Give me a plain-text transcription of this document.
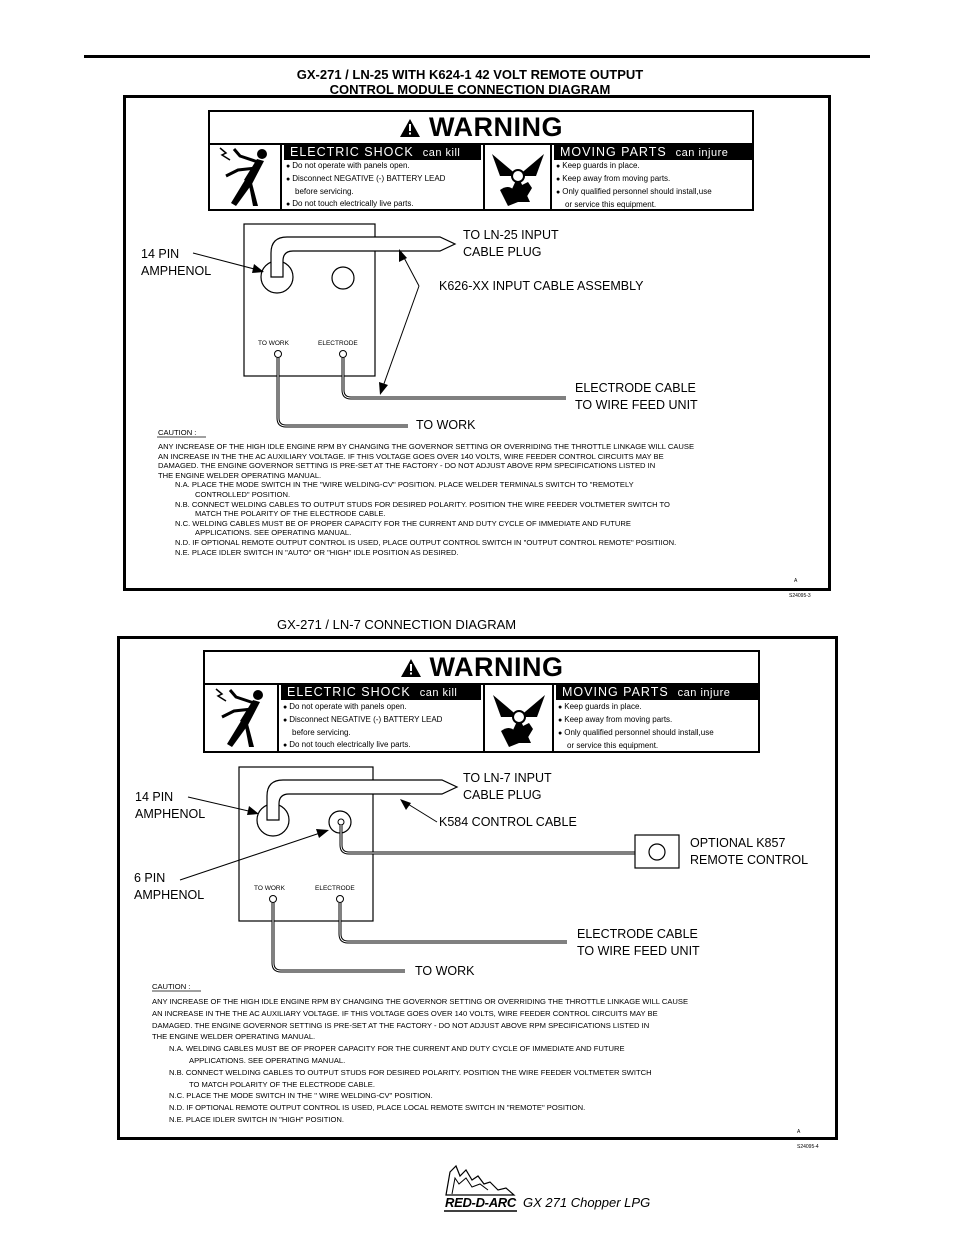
GX-271 / LN-25 WITH K624-1 42 VOLT REMOTE OUTPUT
CONTROL MODULE CONNECTION DIAGRAM
WARNING
ELECTRIC SHOCK can kill
● Do not operate with panels open.
● Disconnect NEGATIVE (-) BATTERY LEAD
before servicing.
● Do not touch electrically live parts.
MOVING PARTS can injure
● Keep guards in place.
● Keep away from moving parts.
● Only qualified personnel should install,use
or service this equipment.
A
S24095-3
TO WORK	ELECTRODE
14 PIN
AMPHENOL
TO LN-25 INPUT
CABLE PLUG
K626-XX INPUT CABLE ASSEMBLY
ELECTRODE CABLE
TO WIRE FEED UNIT
TO WORK
CAUTION :
ANY INCREASE OF THE HIGH IDLE ENGINE RPM BY CHANGING THE GOVERNOR SETTING OR OVERRIDING THE THROTTLE LINKAGE WILL CAUSE
AN INCREASE IN THE THE AC AUXILIARY VOLTAGE. IF THIS VOLTAGE GOES OVER 140 VOLTS, WIRE FEEDER CONTROL CIRCUITS MAY BE
DAMAGED. THE ENGINE GOVERNOR SETTING IS PRE-SET AT THE FACTORY - DO NOT ADJUST ABOVE RPM SPECIFICATIONS LISTED IN
THE ENGINE WELDER OPERATING MANUAL.
N.A. PLACE THE MODE SWITCH IN THE "WIRE WELDING-CV" POSITION. PLACE WELDER TERMINALS SWITCH TO "REMOTELY
CONTROLLED" POSITION.
N.B. CONNECT WELDING CABLES TO OUTPUT STUDS FOR DESIRED POLARITY. POSITION THE WIRE FEEDER VOLTMETER SWITCH TO
MATCH THE POLARITY OF THE ELECTRODE CABLE.
N.C. WELDING CABLES MUST BE OF PROPER CAPACITY FOR THE CURRENT AND DUTY CYCLE OF IMMEDIATE AND FUTURE
APPLICATIONS. SEE OPERATING MANUAL.
N.D. IF OPTIONAL REMOTE OUTPUT CONTROL IS USED, PLACE OUTPUT CONTROL SWITCH IN "OUTPUT CONTROL REMOTE" POSITIION.
N.E. PLACE IDLER SWITCH IN "AUTO" OR "HIGH" IDLE POSITION AS DESIRED.
GX-271 / LN-7 CONNECTION DIAGRAM
WARNING
ELECTRIC SHOCK can kill
● Do not operate with panels open.
● Disconnect NEGATIVE (-) BATTERY LEAD
before servicing.
● Do not touch electrically live parts.
MOVING PARTS can injure
● Keep guards in place.
● Keep away from moving parts.
● Only qualified personnel should install,use
or service this equipment.
A
S24095-4
TO WORK	ELECTRODE
14 PIN
AMPHENOL
6 PIN
AMPHENOL
TO LN-7 INPUT
CABLE PLUG
K584 CONTROL CABLE
OPTIONAL K857
REMOTE CONTROL
ELECTRODE CABLE
TO WIRE FEED UNIT
TO WORK
CAUTION :
ANY INCREASE OF THE HIGH IDLE ENGINE RPM BY CHANGING THE GOVERNOR SETTING OR OVERRIDING THE THROTTLE LINKAGE WILL CAUSE
AN INCREASE IN THE THE AC AUXILIARY VOLTAGE. IF THIS VOLTAGE GOES OVER 140 VOLTS, WIRE FEEDER CONTROL CIRCUITS MAY BE
DAMAGED. THE ENGINE GOVERNOR SETTING IS PRE-SET AT THE FACTORY - DO NOT ADJUST ABOVE RPM SPECIFICATIONS LISTED IN
THE ENGINE WELDER OPERATING MANUAL.
N.A. WELDING CABLES MUST BE OF PROPER CAPACITY FOR THE CURRENT AND DUTY CYCLE OF IMMEDIATE AND FUTURE
APPLICATIONS. SEE OPERATING MANUAL.
N.B. CONNECT WELDING CABLES TO OUTPUT STUDS FOR DESIRED POLARITY. POSITION THE WIRE FEEDER VOLTMETER SWITCH
TO MATCH POLARITY OF THE ELECTRODE CABLE.
N.C. PLACE THE MODE SWITCH IN THE " WIRE WELDING-CV" POSITION.
N.D. IF OPTIONAL REMOTE OUTPUT CONTROL IS USED, PLACE LOCAL REMOTE SWITCH IN "REMOTE" POSITION.
N.E. PLACE IDLER SWITCH IN "HIGH" POSITION.
RED-D-ARC GX 271 Chopper LPG
